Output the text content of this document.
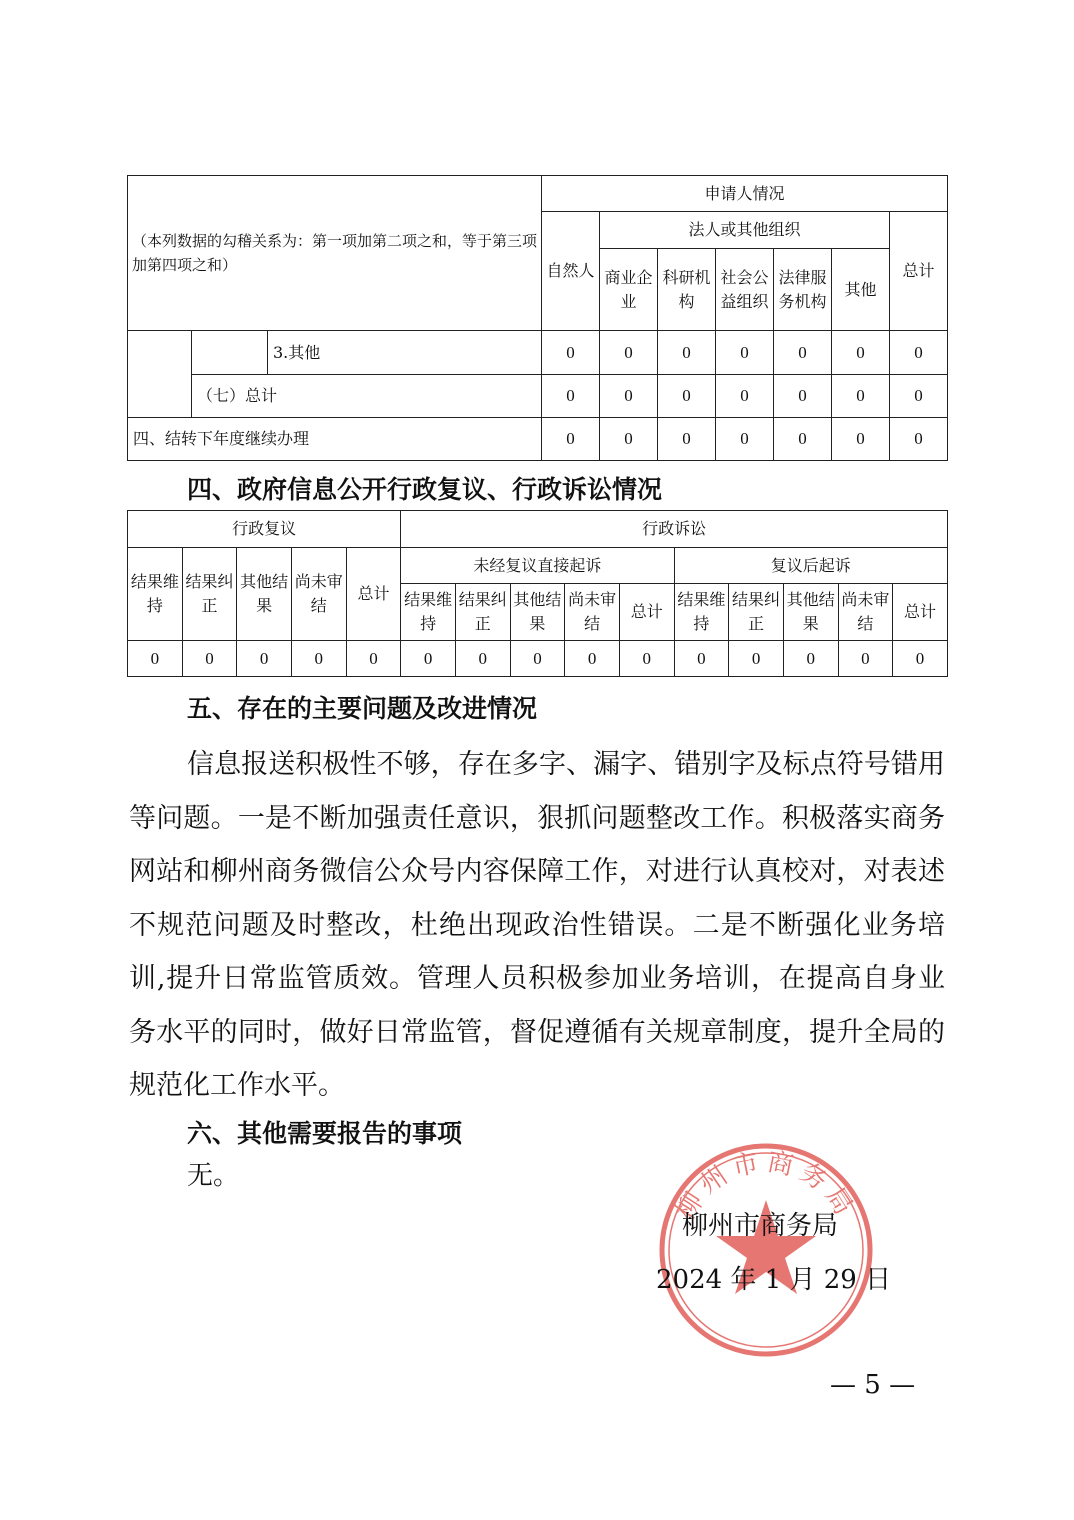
（本列数据的勾稽关系为：第一项加第二项之和，等于第三项加第四项之和）			申请人情况						
			自然人	法人或其他组织					总计
				商业企业	科研机构	社会公益组织	法律服务机构	其他	
		3.其他	0	0	0	0	0	0	0
	（七）总计		0	0	0	0	0	0	0
四、结转下年度继续办理			0	0	0	0	0	0	0
四、政府信息公开行政复议、行政诉讼情况
行政复议					行政诉讼									
结果维持	结果纠正	其他结果	尚未审结	总计	未经复议直接起诉					复议后起诉				
					结果维持	结果纠正	其他结果	尚未审结	总计	结果维持	结果纠正	其他结果	尚未审结	总计
0	0	0	0	0	0	0	0	0	0	0	0	0	0	0
五、存在的主要问题及改进情况

信息报送积极性不够，存在多字、漏字、错别字及标点符号错用等问题。一是不断加强责任意识，狠抓问题整改工作。积极落实商务网站和柳州商务微信公众号内容保障工作，对进行认真校对，对表述不规范问题及时整改，杜绝出现政治性错误。二是不断强化业务培训,提升日常监管质效。管理人员积极参加业务培训，在提高自身业务水平的同时，做好日常监管，督促遵循有关规章制度，提升全局的规范化工作水平。

六、其他需要报告的事项
无。
柳州市商务局
柳州市商务局
2024 年 1 月 29 日
— 5 —
